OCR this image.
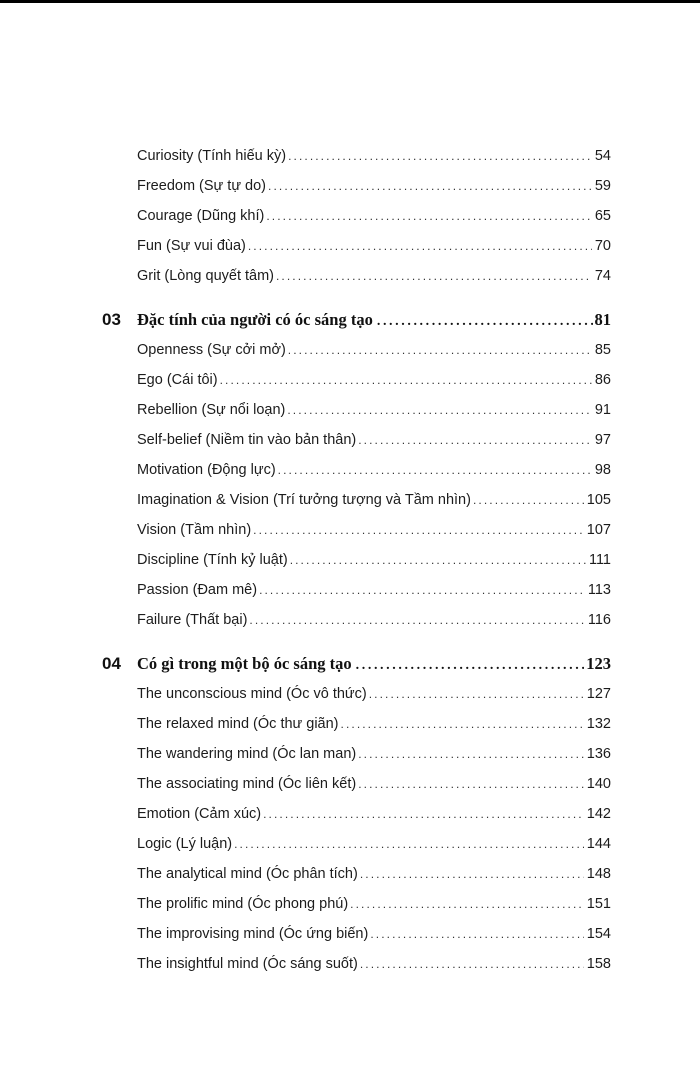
Curiosity (Tính hiếu kỳ) .....	54
Freedom (Sự tự do) .....	59
Courage (Dũng khí) .....	65
Fun (Sự vui đùa) .....	70
Grit (Lòng quyết tâm) .....	74
03 Đặc tính của người có óc sáng tạo .....	81
Openness (Sự cởi mở) .....	85
Ego (Cái tôi) .....	86
Rebellion (Sự nổi loạn) .....	91
Self-belief (Niềm tin vào bản thân) .....	97
Motivation (Động lực) .....	98
Imagination & Vision (Trí tưởng tượng và Tầm nhìn) .....	105
Vision (Tầm nhìn) .....	107
Discipline (Tính kỷ luật) .....	111
Passion (Đam mê) .....	113
Failure (Thất bại) .....	116
04 Có gì trong một bộ óc sáng tạo .....	123
The unconscious mind (Óc vô thức) .....	127
The relaxed mind (Óc thư giãn) .....	132
The wandering mind (Óc lan man) .....	136
The associating mind (Óc liên kết) .....	140
Emotion (Cảm xúc) .....	142
Logic (Lý luận) .....	144
The analytical mind (Óc phân tích) .....	148
The prolific mind (Óc phong phú) .....	151
The improvising mind (Óc ứng biến) .....	154
The insightful mind (Óc sáng suốt) .....	158
